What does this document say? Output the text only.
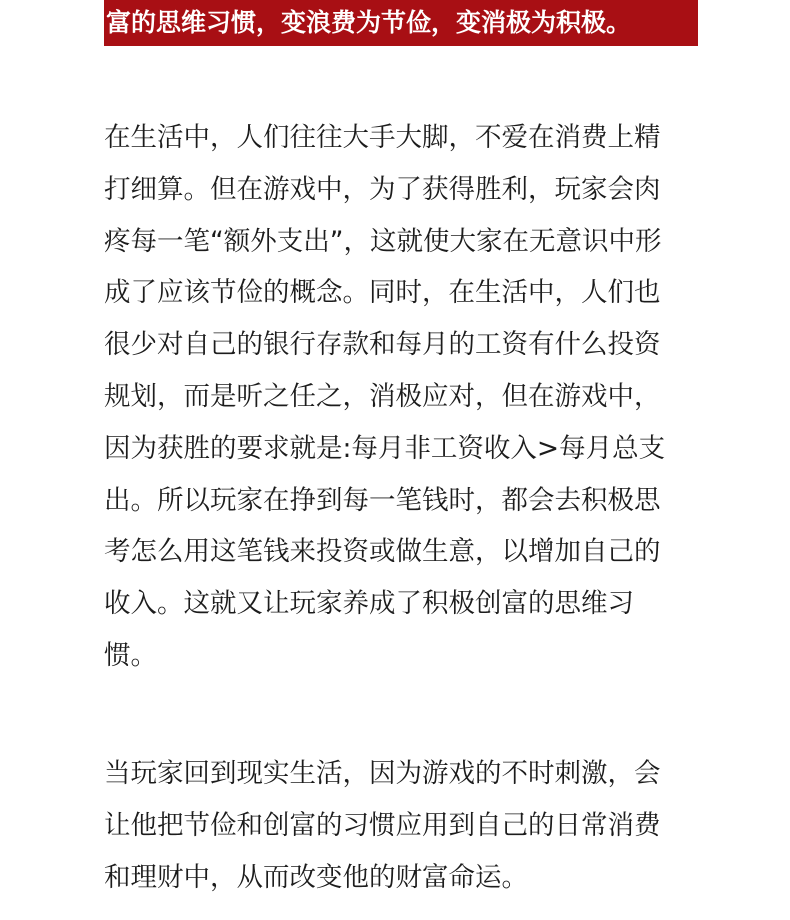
富的思维习惯，变浪费为节俭，变消极为积极。
在生活中，人们往往大手大脚，不爱在消费上精
打细算。但在游戏中，为了获得胜利，玩家会肉
疼每一笔“额外支出”，这就使大家在无意识中形
成了应该节俭的概念。同时，在生活中，人们也
很少对自己的银行存款和每月的工资有什么投资
规划，而是听之任之，消极应对，但在游戏中，
因为获胜的要求就是:每月非工资收入>每月总支
出。所以玩家在挣到每一笔钱时，都会去积极思
考怎么用这笔钱来投资或做生意，以增加自己的
收入。这就又让玩家养成了积极创富的思维习
惯。
当玩家回到现实生活，因为游戏的不时刺激，会
让他把节俭和创富的习惯应用到自己的日常消费
和理财中，从而改变他的财富命运。
